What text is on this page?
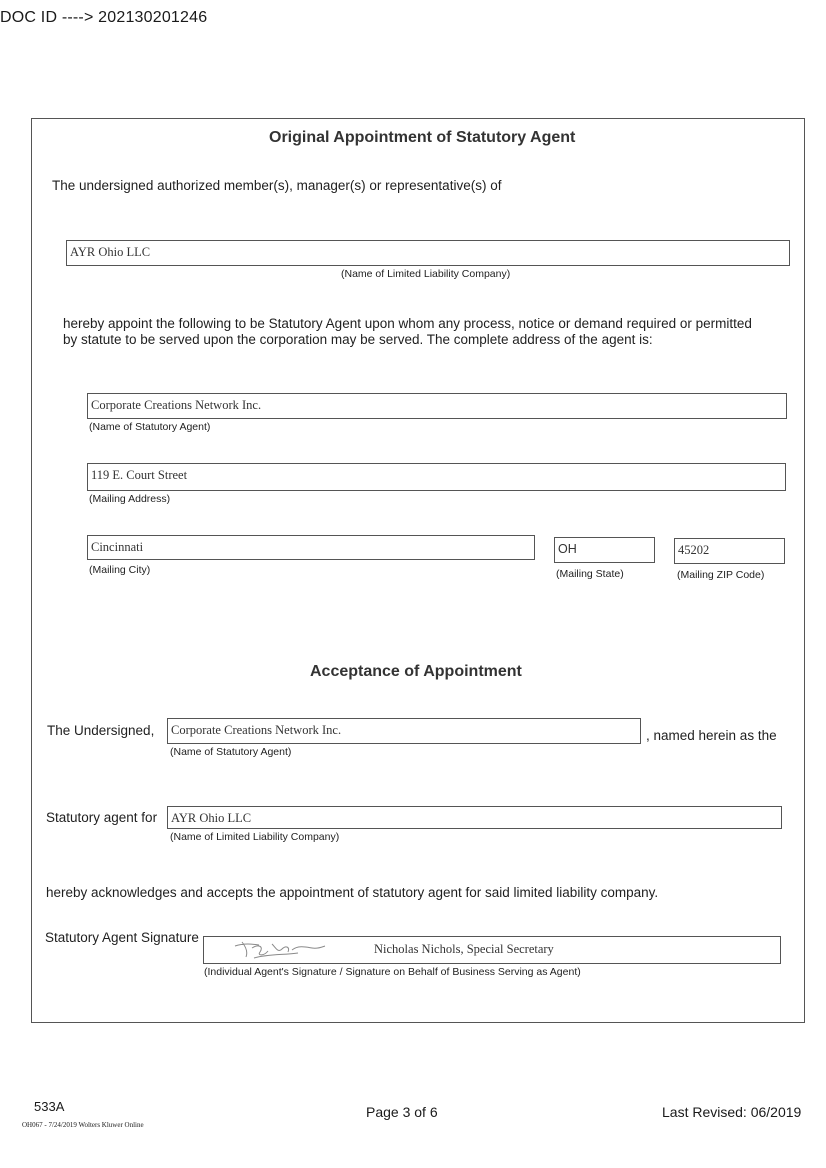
DOC ID ----> 202130201246
Original Appointment of Statutory Agent
The undersigned authorized member(s), manager(s) or representative(s) of
AYR Ohio LLC
(Name of Limited Liability Company)
hereby appoint the following to be Statutory Agent upon whom any process, notice or demand required or permitted by statute to be served upon the corporation may be served. The complete address of the agent is:
Corporate Creations Network Inc.
(Name of Statutory Agent)
119 E. Court Street
(Mailing Address)
Cincinnati
(Mailing City)
OH
(Mailing State)
45202
(Mailing ZIP Code)
Acceptance of Appointment
The Undersigned,	Corporate Creations Network Inc.	, named herein as the
(Name of Statutory Agent)
Statutory agent for	AYR Ohio LLC
(Name of Limited Liability Company)
hereby acknowledges and accepts the appointment of statutory agent for said limited liability company.
Statutory Agent Signature
Nicholas Nichols, Special Secretary
(Individual Agent's Signature / Signature on Behalf of Business Serving as Agent)
533A
OH067 - 7/24/2019 Wolters Kluwer Online
Page 3 of 6	Last Revised: 06/2019
